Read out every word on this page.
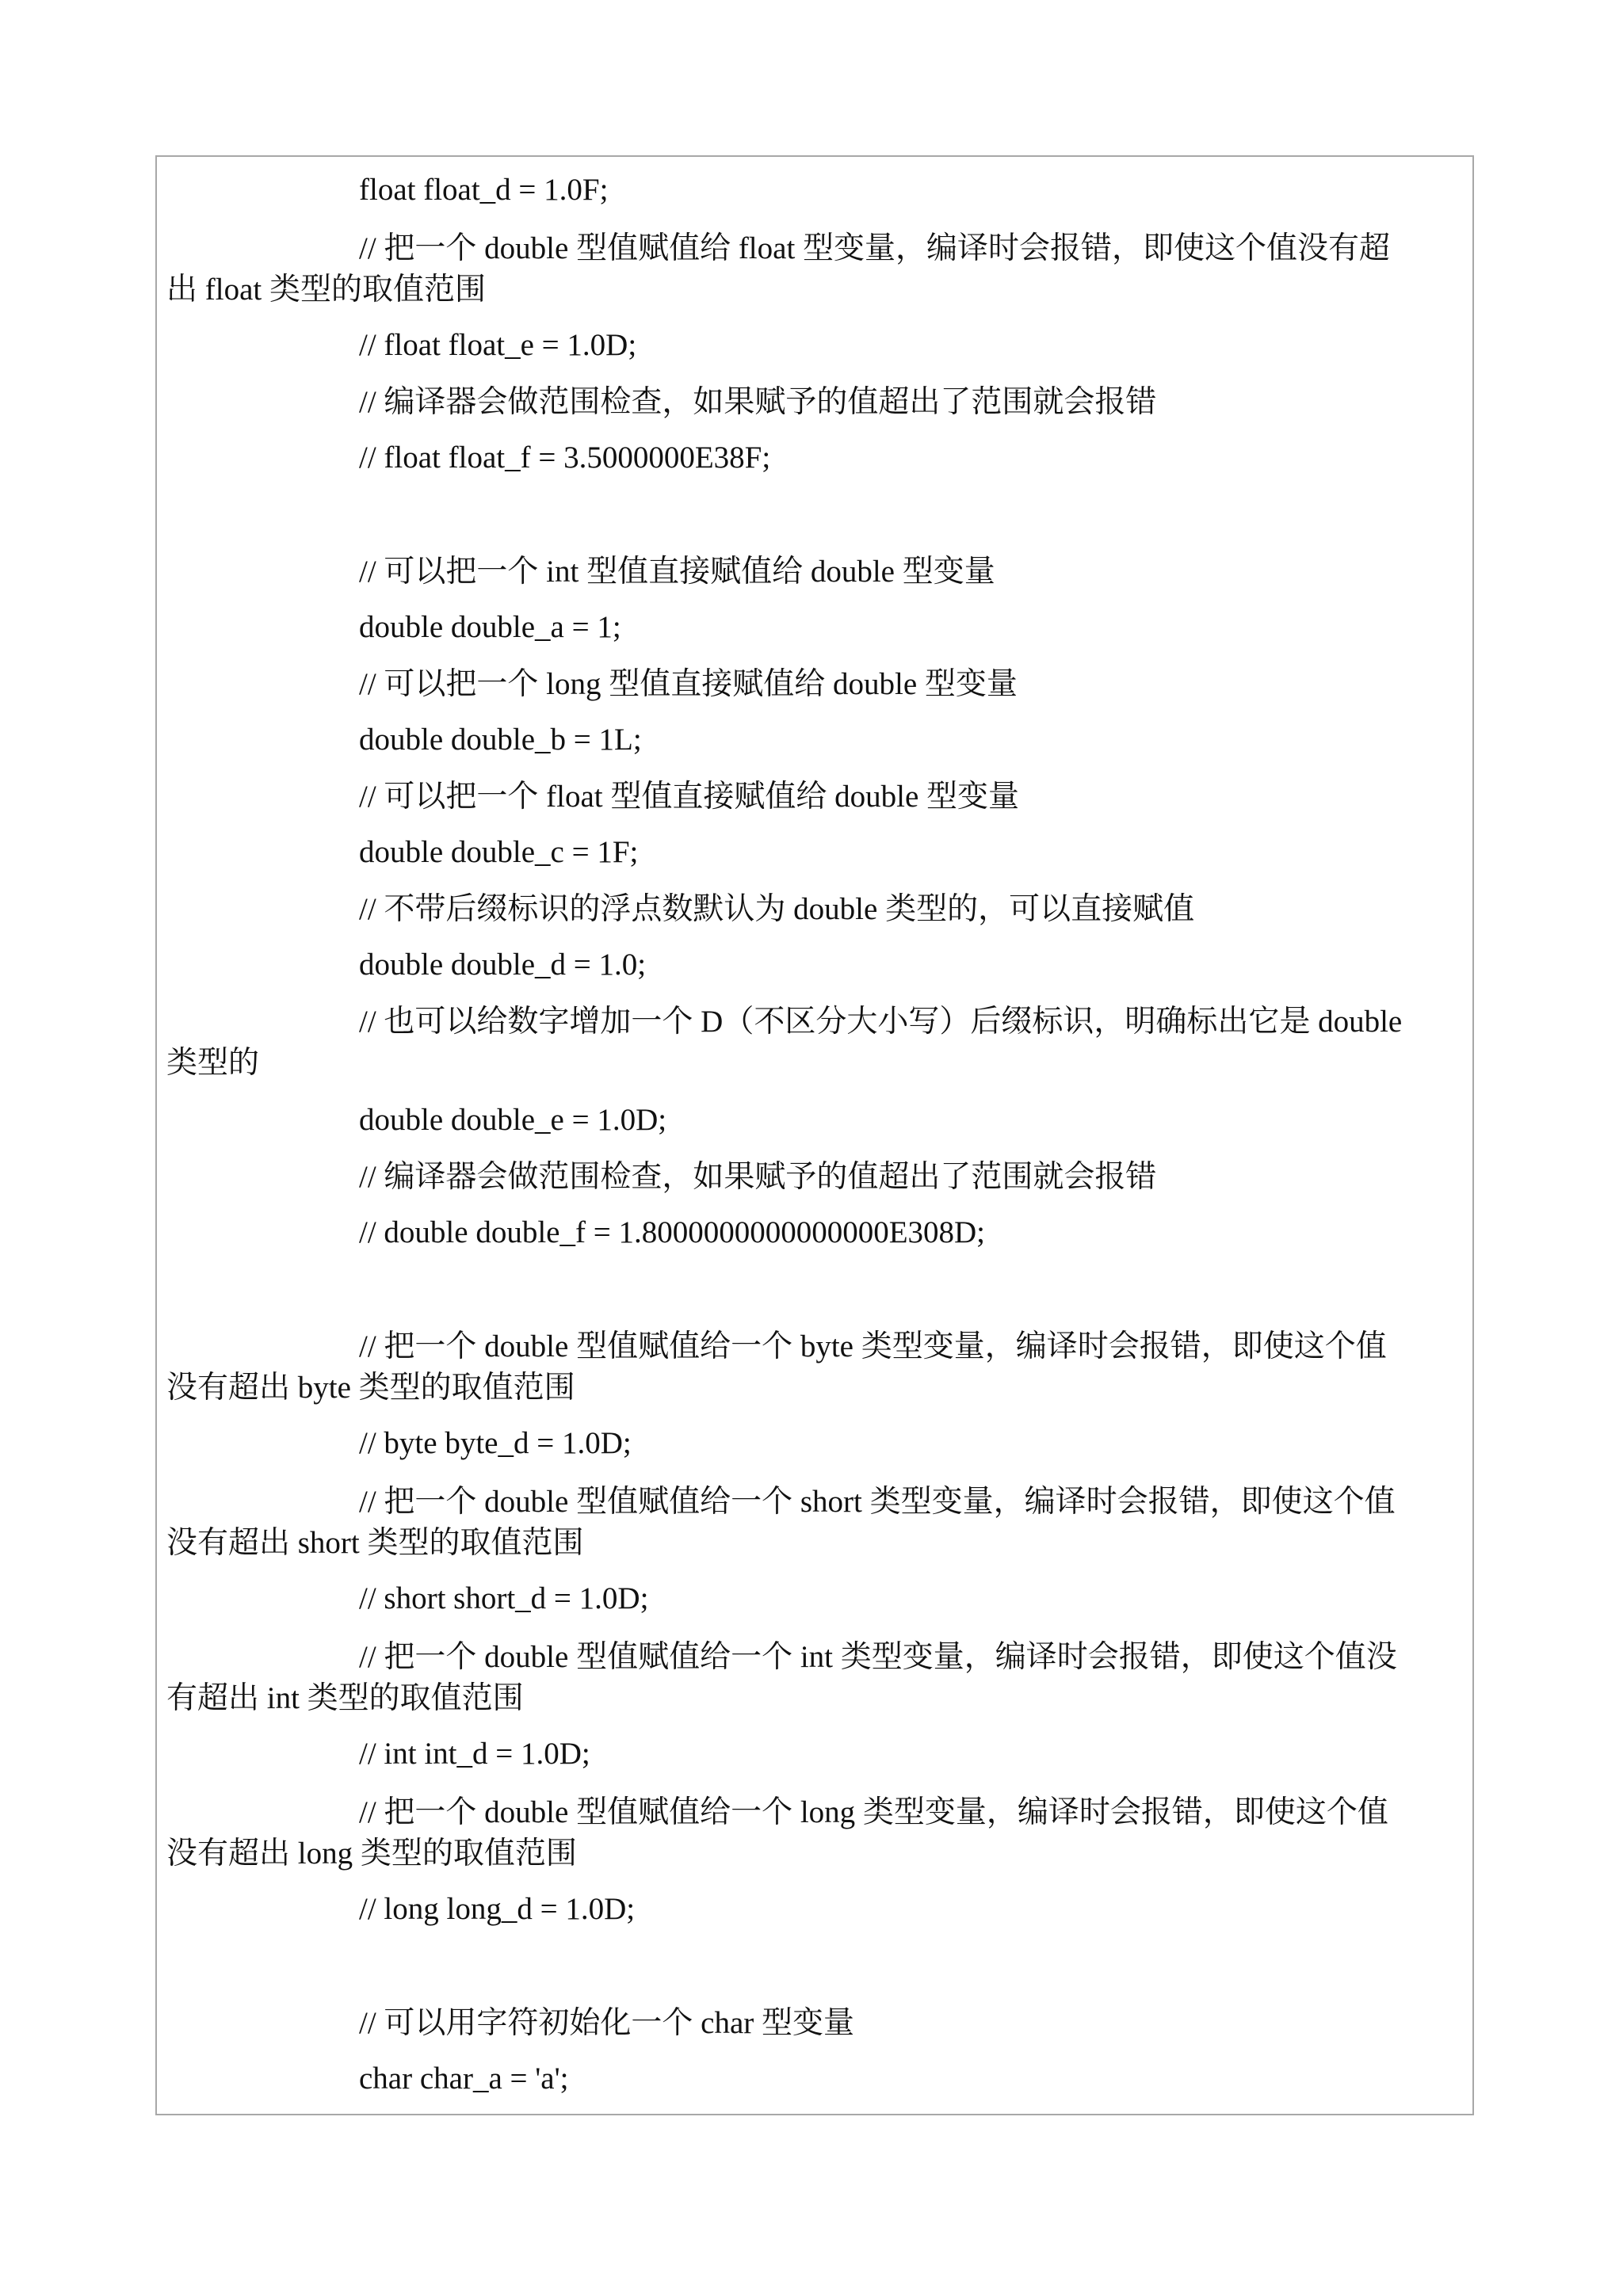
float float_d = 1.0F;
// 把一个 double 型值赋值给 float 型变量，编译时会报错，即使这个值没有超
出 float 类型的取值范围
// float float_e = 1.0D;
// 编译器会做范围检查，如果赋予的值超出了范围就会报错
// float float_f = 3.5000000E38F;
// 可以把一个 int 型值直接赋值给 double 型变量
double double_a = 1;
// 可以把一个 long 型值直接赋值给 double 型变量
double double_b = 1L;
// 可以把一个 float 型值直接赋值给 double 型变量
double double_c = 1F;
// 不带后缀标识的浮点数默认为 double 类型的，可以直接赋值
double double_d = 1.0;
// 也可以给数字增加一个 D（不区分大小写）后缀标识，明确标出它是 double
类型的
double double_e = 1.0D;
// 编译器会做范围检查，如果赋予的值超出了范围就会报错
// double double_f = 1.8000000000000000E308D;
// 把一个 double 型值赋值给一个 byte 类型变量，编译时会报错，即使这个值
没有超出 byte 类型的取值范围
// byte byte_d = 1.0D;
// 把一个 double 型值赋值给一个 short 类型变量，编译时会报错，即使这个值
没有超出 short 类型的取值范围
// short short_d = 1.0D;
// 把一个 double 型值赋值给一个 int 类型变量，编译时会报错，即使这个值没
有超出 int 类型的取值范围
// int int_d = 1.0D;
// 把一个 double 型值赋值给一个 long 类型变量，编译时会报错，即使这个值
没有超出 long 类型的取值范围
// long long_d = 1.0D;
// 可以用字符初始化一个 char 型变量
char char_a = 'a';
